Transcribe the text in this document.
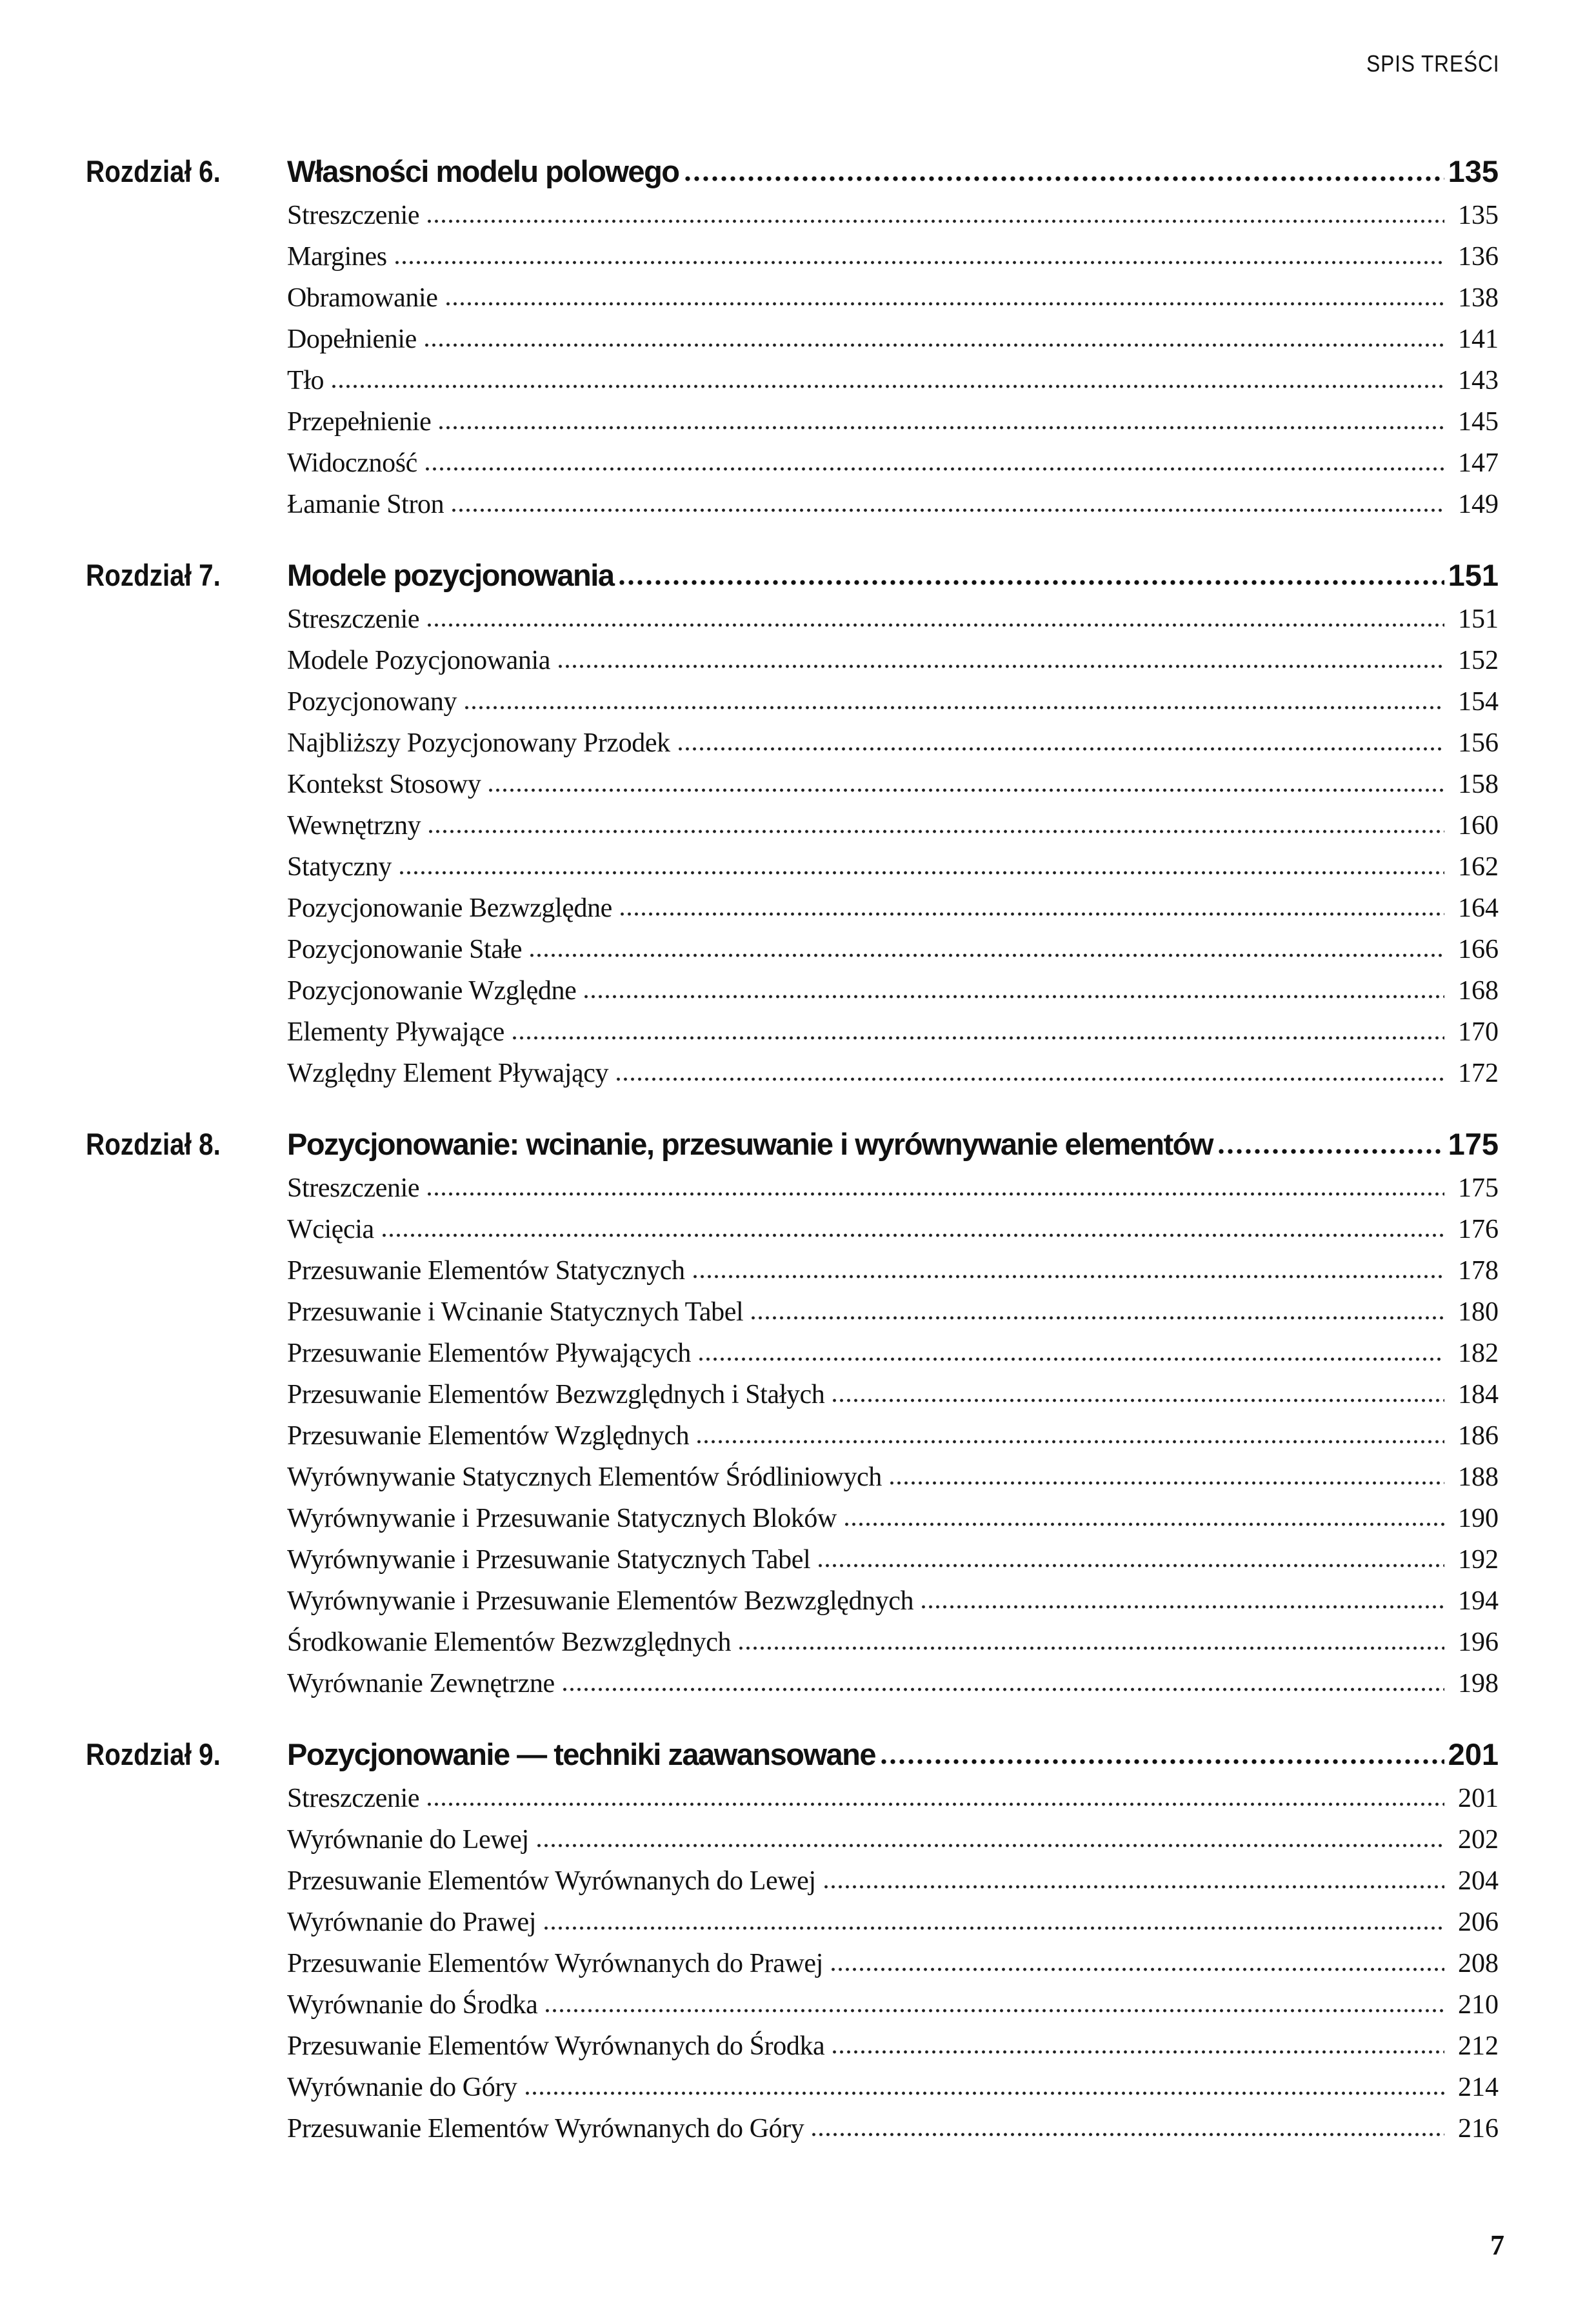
SPIS TREŚCI
Rozdział 6.	Własności modelu polowego	135
Streszczenie	135
Margines	136
Obramowanie	138
Dopełnienie	141
Tło	143
Przepełnienie	145
Widoczność	147
Łamanie Stron	149
Rozdział 7.	Modele pozycjonowania	151
Streszczenie	151
Modele Pozycjonowania	152
Pozycjonowany	154
Najbliższy Pozycjonowany Przodek	156
Kontekst Stosowy	158
Wewnętrzny	160
Statyczny	162
Pozycjonowanie Bezwzględne	164
Pozycjonowanie Stałe	166
Pozycjonowanie Względne	168
Elementy Pływające	170
Względny Element Pływający	172
Rozdział 8.	Pozycjonowanie: wcinanie, przesuwanie i wyrównywanie elementów	175
Streszczenie	175
Wcięcia	176
Przesuwanie Elementów Statycznych	178
Przesuwanie i Wcinanie Statycznych Tabel	180
Przesuwanie Elementów Pływających	182
Przesuwanie Elementów Bezwzględnych i Stałych	184
Przesuwanie Elementów Względnych	186
Wyrównywanie Statycznych Elementów Śródliniowych	188
Wyrównywanie i Przesuwanie Statycznych Bloków	190
Wyrównywanie i Przesuwanie Statycznych Tabel	192
Wyrównywanie i Przesuwanie Elementów Bezwzględnych	194
Środkowanie Elementów Bezwzględnych	196
Wyrównanie Zewnętrzne	198
Rozdział 9.	Pozycjonowanie — techniki zaawansowane	201
Streszczenie	201
Wyrównanie do Lewej	202
Przesuwanie Elementów Wyrównanych do Lewej	204
Wyrównanie do Prawej	206
Przesuwanie Elementów Wyrównanych do Prawej	208
Wyrównanie do Środka	210
Przesuwanie Elementów Wyrównanych do Środka	212
Wyrównanie do Góry	214
Przesuwanie Elementów Wyrównanych do Góry	216
7
